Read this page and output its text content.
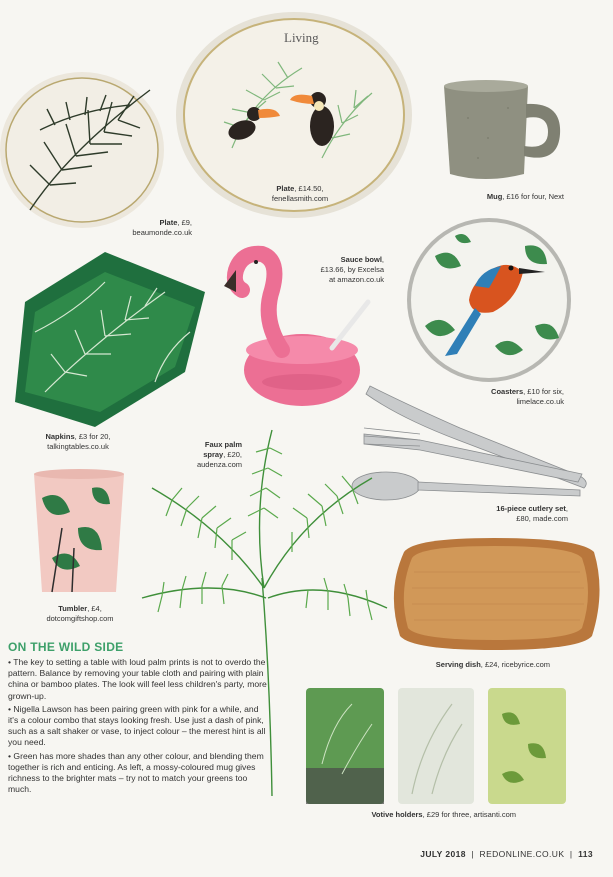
Living
Plate, £14.50,
fenellasmith.com
Plate, £9,
beaumonde.co.uk
Mug, £16 for four, Next
Sauce bowl,
£13.66, by Excelsa
at amazon.co.uk
Napkins, £3 for 20,
talkingtables.co.uk
Coasters, £10 for six,
limelace.co.uk
Faux palm
spray, £20,
audenza.com
16-piece cutlery set,
£80, made.com
Tumbler, £4,
dotcomgiftshop.com
Serving dish, £24, ricebyrice.com
Votive holders, £29 for three, artisanti.com
ON THE WILD SIDE

• The key to setting a table with loud palm prints is not to overdo the pattern. Balance by removing your table cloth and pairing with plain china or bamboo plates. The look will feel less children's party, more grown-up.

• Nigella Lawson has been pairing green with pink for a while, and it's a colour combo that stays looking fresh. Use just a dash of pink, such as a salt shaker or vase, to inject colour – the merest hint is all you need.

• Green has more shades than any other colour, and blending them together is rich and enticing. As left, a mossy-coloured mug gives richness to the brighter mats – try not to match your greens too much.

JULY 2018  |  REDONLINE.CO.UK  |  113
